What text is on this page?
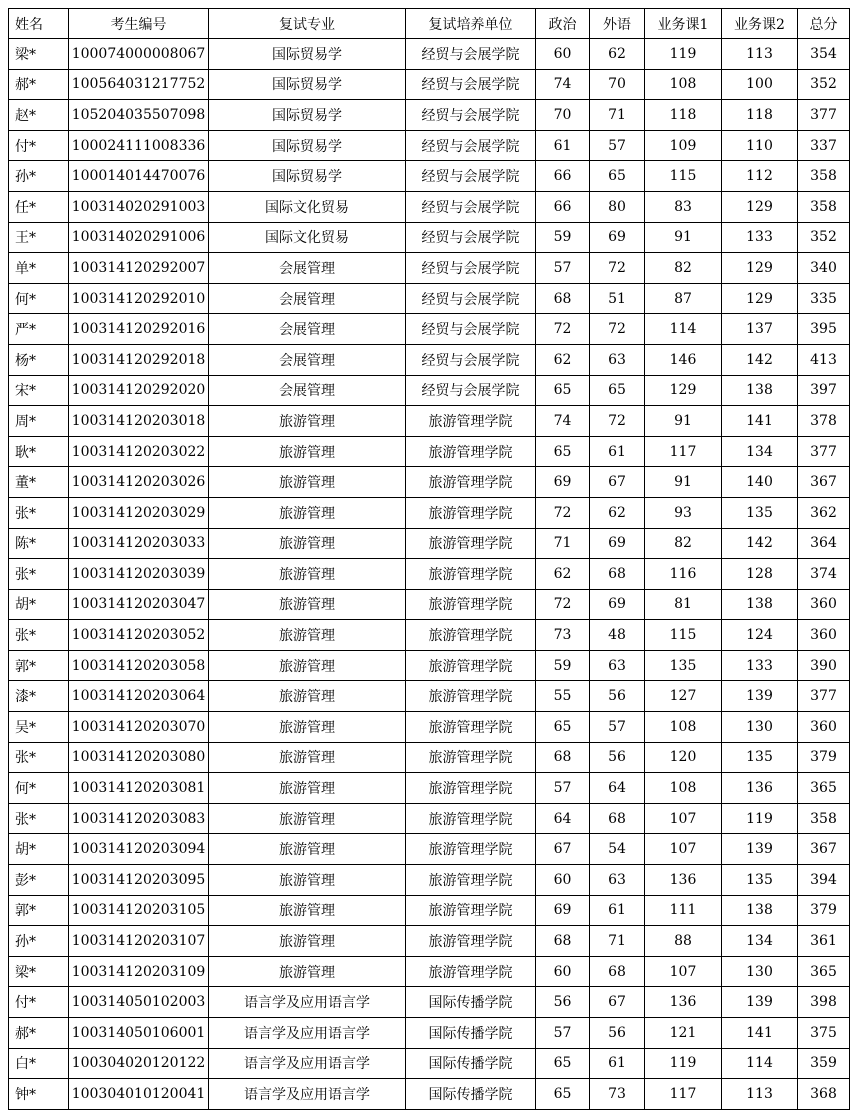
姓名	考生编号	复试专业	复试培养单位	政治	外语	业务课1	业务课2	总分
梁*	100074000008067	国际贸易学	经贸与会展学院	60	62	119	113	354
郝*	100564031217752	国际贸易学	经贸与会展学院	74	70	108	100	352
赵*	105204035507098	国际贸易学	经贸与会展学院	70	71	118	118	377
付*	100024111008336	国际贸易学	经贸与会展学院	61	57	109	110	337
孙*	100014014470076	国际贸易学	经贸与会展学院	66	65	115	112	358
任*	100314020291003	国际文化贸易	经贸与会展学院	66	80	83	129	358
王*	100314020291006	国际文化贸易	经贸与会展学院	59	69	91	133	352
单*	100314120292007	会展管理	经贸与会展学院	57	72	82	129	340
何*	100314120292010	会展管理	经贸与会展学院	68	51	87	129	335
严*	100314120292016	会展管理	经贸与会展学院	72	72	114	137	395
杨*	100314120292018	会展管理	经贸与会展学院	62	63	146	142	413
宋*	100314120292020	会展管理	经贸与会展学院	65	65	129	138	397
周*	100314120203018	旅游管理	旅游管理学院	74	72	91	141	378
耿*	100314120203022	旅游管理	旅游管理学院	65	61	117	134	377
董*	100314120203026	旅游管理	旅游管理学院	69	67	91	140	367
张*	100314120203029	旅游管理	旅游管理学院	72	62	93	135	362
陈*	100314120203033	旅游管理	旅游管理学院	71	69	82	142	364
张*	100314120203039	旅游管理	旅游管理学院	62	68	116	128	374
胡*	100314120203047	旅游管理	旅游管理学院	72	69	81	138	360
张*	100314120203052	旅游管理	旅游管理学院	73	48	115	124	360
郭*	100314120203058	旅游管理	旅游管理学院	59	63	135	133	390
漆*	100314120203064	旅游管理	旅游管理学院	55	56	127	139	377
吴*	100314120203070	旅游管理	旅游管理学院	65	57	108	130	360
张*	100314120203080	旅游管理	旅游管理学院	68	56	120	135	379
何*	100314120203081	旅游管理	旅游管理学院	57	64	108	136	365
张*	100314120203083	旅游管理	旅游管理学院	64	68	107	119	358
胡*	100314120203094	旅游管理	旅游管理学院	67	54	107	139	367
彭*	100314120203095	旅游管理	旅游管理学院	60	63	136	135	394
郭*	100314120203105	旅游管理	旅游管理学院	69	61	111	138	379
孙*	100314120203107	旅游管理	旅游管理学院	68	71	88	134	361
梁*	100314120203109	旅游管理	旅游管理学院	60	68	107	130	365
付*	100314050102003	语言学及应用语言学	国际传播学院	56	67	136	139	398
郝*	100314050106001	语言学及应用语言学	国际传播学院	57	56	121	141	375
白*	100304020120122	语言学及应用语言学	国际传播学院	65	61	119	114	359
钟*	100304010120041	语言学及应用语言学	国际传播学院	65	73	117	113	368
